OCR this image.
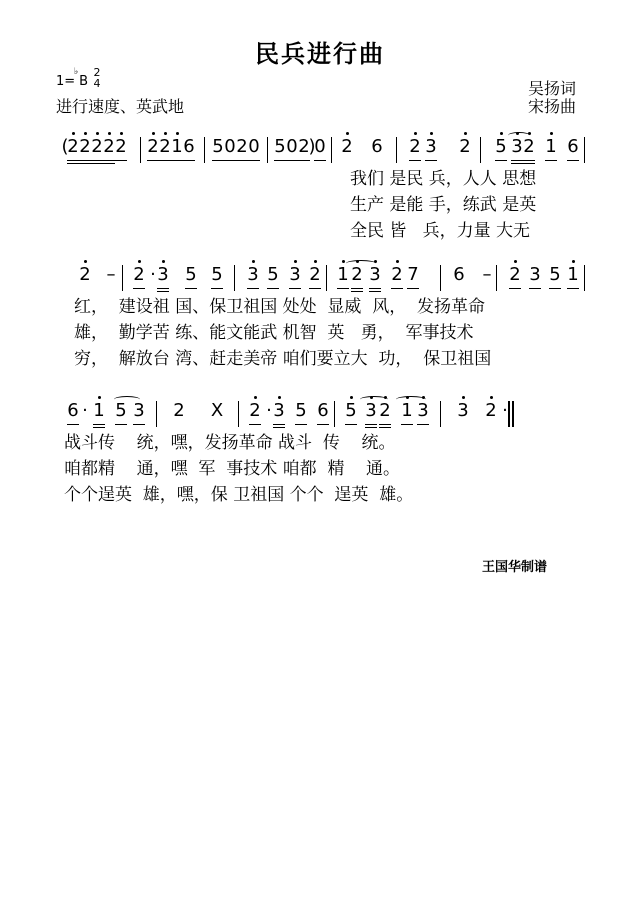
民兵进行曲
1=
♭
B
2
4
进行速度、英武地
吴扬词
宋扬曲
(
2 2 2 2 2 2 2 1 6 5 0 2 0 5 0 2
)
0 2 6 2 3 2 5 3 2 1 6
我们 是民 兵，人人 思想
生产 是能 手，练武 是英
全民 皆   兵，力量 大无
2 – 2 · 3 5 5 3 5 3 2 1 2 3 2 7 6 – 2 3 5 1
红，  建设祖 国、保卫祖国 处处  显威  风，  发扬革命
雄，  勤学苦 练、能文能武 机智  英   勇，  军事技术
穷，  解放台 湾、赶走美帝 咱们要立大  功，  保卫祖国
6 · 1 5 3 2 X 2 · 3 5 6 5 3 2 1 3 3 2 ·
战斗传    统，嘿，发扬革命 战斗  传    统。
咱都精    通，嘿  军  事技术 咱都  精    通。
个个逞英  雄，嘿，保 卫祖国 个个  逞英  雄。
王国华制谱
